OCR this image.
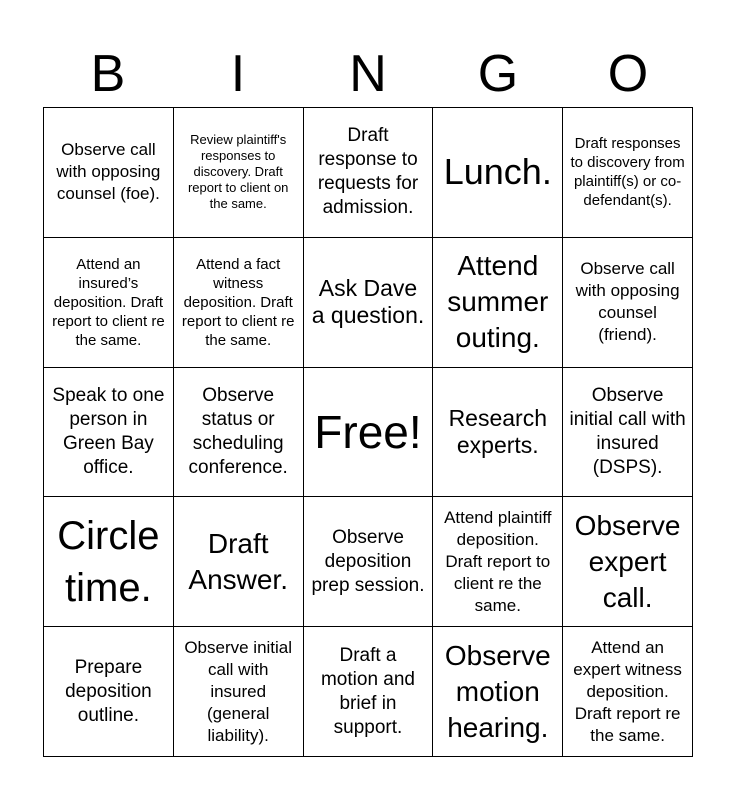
B	I	N	G	O
Observe call with opposing counsel (foe).
Review plaintiff's responses to discovery. Draft report to client on the same.
Draft response to requests for admission.
Lunch.
Draft responses to discovery from plaintiff(s) or co-defendant(s).
Attend an insured’s deposition. Draft report to client re the same.
Attend a fact witness deposition. Draft report to client re the same.
Ask Dave a question.
Attend summer outing.
Observe call with opposing counsel (friend).
Speak to one person in Green Bay office.
Observe status or scheduling conference.
Free!	Research experts.
Observe initial call with insured (DSPS).
Circle time.
Draft Answer.
Observe deposition prep session.
Attend plaintiff deposition. Draft report to client re the same.
Observe expert call.
Prepare deposition outline.
Observe initial call with insured (general liability).
Draft a motion and brief in support.
Observe motion hearing.
Attend an expert witness deposition. Draft report re the same.
